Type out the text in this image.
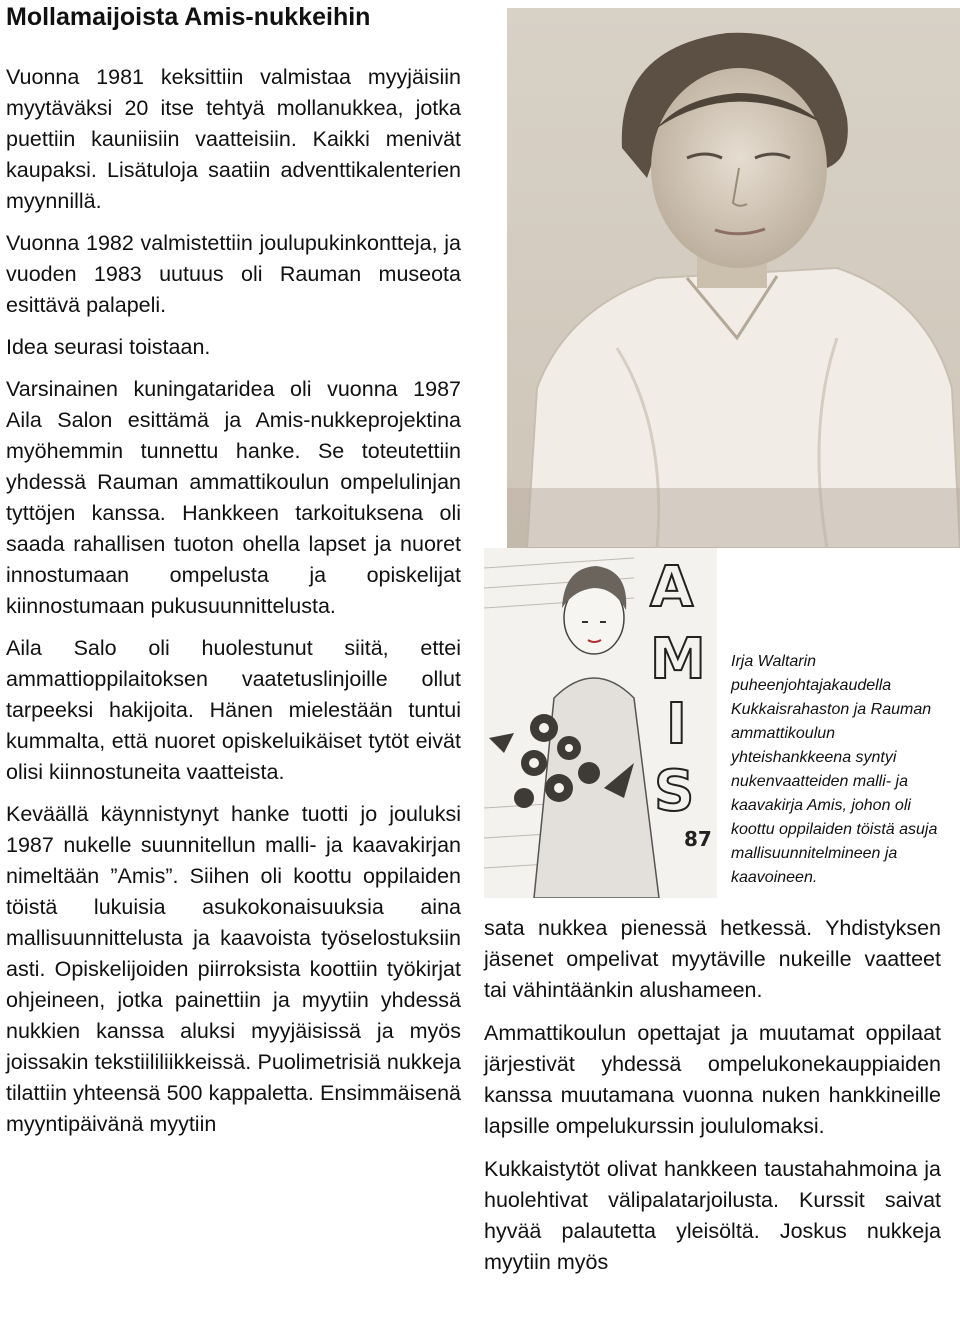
Mollamaijoista Amis-nukkeihin

Vuonna 1981 keksittiin valmistaa myyjäisiin myytäväksi 20 itse tehtyä mollanukkea, jotka puettiin kauniisiin vaatteisiin. Kaikki menivät kaupaksi. Lisätuloja saatiin adventtikalenterien myynnillä.

Vuonna 1982 valmistettiin joulupukinkontteja, ja vuoden 1983 uutuus oli Rauman museota esittävä palapeli.

Idea seurasi toistaan.

Varsinainen kuningataridea oli vuonna 1987 Aila Salon esittämä ja Amis-nukkeprojektina myöhemmin tunnettu hanke. Se toteutettiin yhdessä Rauman ammattikoulun ompelulinjan tyttöjen kanssa. Hankkeen tarkoituksena oli saada rahallisen tuoton ohella lapset ja nuoret innostumaan ompelusta ja opiskelijat kiinnostumaan pukusuunnittelusta.

Aila Salo oli huolestunut siitä, ettei ammattioppilaitoksen vaatetuslinjoille ollut tarpeeksi hakijoita. Hänen mielestään tuntui kummalta, että nuoret opiskeluikäiset tytöt eivät olisi kiinnostuneita vaatteista.

Keväällä käynnistynyt hanke tuotti jo jouluksi 1987 nukelle suunnitellun malli- ja kaavakirjan nimeltään ”Amis”. Siihen oli koottu oppilaiden töistä lukuisia asukokonaisuuksia aina mallisuunnittelusta ja kaavoista työselostuksiin asti. Opiskelijoiden piirroksista koottiin työkirjat ohjeineen, jotka painettiin ja myytiin yhdessä nukkien kanssa aluksi myyjäisissä ja myös joissakin tekstiililiikkeissä. Puolimetrisiä nukkeja tilattiin yhteensä 500 kappaletta. Ensimmäisenä myyntipäivänä myytiin

A
M
I
S
87

Irja Waltarin puheenjohtajakaudella Kukkaisrahaston ja Rauman ammattikoulun yhteishankkeena syntyi nukenvaatteiden malli- ja kaavakirja Amis, johon oli koottu oppilaiden töistä asuja mallisuunnitelmineen ja kaavoineen.

sata nukkea pienessä hetkessä. Yhdistyksen jäsenet ompelivat myytäville nukeille vaatteet tai vähintäänkin alushameen.

Ammattikoulun opettajat ja muutamat oppilaat järjestivät yhdessä ompelukonekauppiaiden kanssa muutamana vuonna nuken hankkineille lapsille ompelukurssin joululomaksi.

Kukkaistytöt olivat hankkeen taustahahmoina ja huolehtivat välipalatarjoilusta. Kurssit saivat hyvää palautetta yleisöltä. Joskus nukkeja myytiin myös
